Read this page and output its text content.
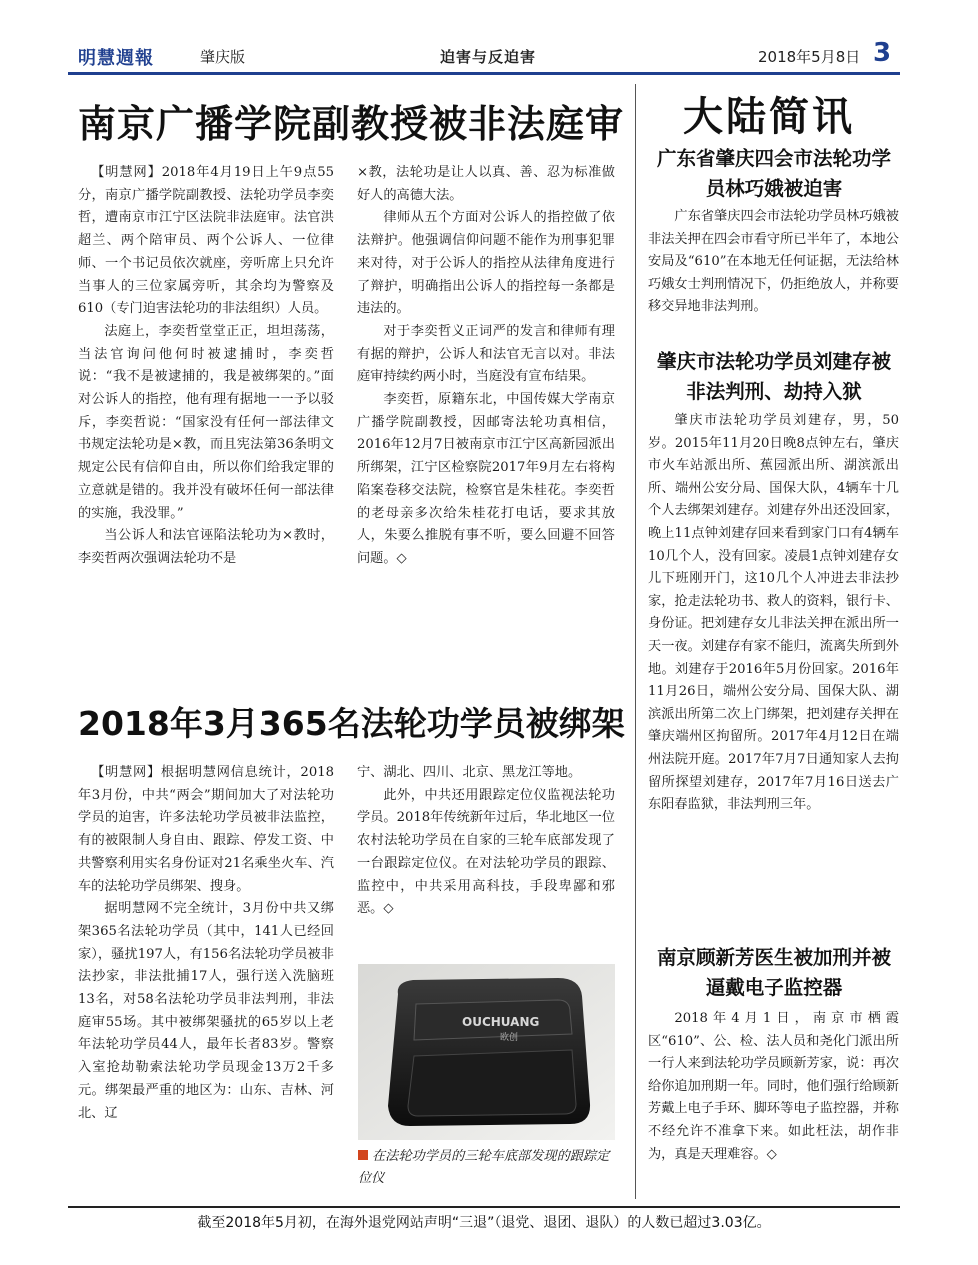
明慧週報	肇庆版	迫害与反迫害	2018年5月8日 3
南京广播学院副教授被非法庭审

【明慧网】2018年4月19日上午9点55分，南京广播学院副教授、法轮功学员李奕哲，遭南京市江宁区法院非法庭审。法官洪超兰、两个陪审员、两个公诉人、一位律师、一个书记员依次就座，旁听席上只允许当事人的三位家属旁听，其余均为警察及610（专门迫害法轮功的非法组织）人员。

法庭上，李奕哲堂堂正正，坦坦荡荡，当法官询问他何时被逮捕时，李奕哲说：“我不是被逮捕的，我是被绑架的。”面对公诉人的指控，他有理有据地一一予以驳斥，李奕哲说：“国家没有任何一部法律文书规定法轮功是×教，而且宪法第36条明文规定公民有信仰自由，所以你们给我定罪的立意就是错的。我并没有破坏任何一部法律的实施，我没罪。”

当公诉人和法官诬陷法轮功为×教时，李奕哲两次强调法轮功不是

×教，法轮功是让人以真、善、忍为标准做好人的高德大法。

律师从五个方面对公诉人的指控做了依法辩护。他强调信仰问题不能作为刑事犯罪来对待，对于公诉人的指控从法律角度进行了辩护，明确指出公诉人的指控每一条都是违法的。

对于李奕哲义正词严的发言和律师有理有据的辩护，公诉人和法官无言以对。非法庭审持续约两小时，当庭没有宣布结果。

李奕哲，原籍东北，中国传媒大学南京广播学院副教授，因邮寄法轮功真相信，2016年12月7日被南京市江宁区高新园派出所绑架，江宁区检察院2017年9月左右将构陷案卷移交法院，检察官是朱桂花。李奕哲的老母亲多次给朱桂花打电话，要求其放人，朱要么推脱有事不听，要么回避不回答问题。◇

2018年3月365名法轮功学员被绑架

【明慧网】根据明慧网信息统计，2018年3月份，中共“两会”期间加大了对法轮功学员的迫害，许多法轮功学员被非法监控，有的被限制人身自由、跟踪、停发工资、中共警察利用实名身份证对21名乘坐火车、汽车的法轮功学员绑架、搜身。

据明慧网不完全统计，3月份中共又绑架365名法轮功学员（其中，141人已经回家），骚扰197人，有156名法轮功学员被非法抄家，非法批捕17人，强行送入洗脑班13名，对58名法轮功学员非法判刑，非法庭审55场。其中被绑架骚扰的65岁以上老年法轮功学员44人，最年长者83岁。警察入室抢劫勒索法轮功学员现金13万2千多元。绑架最严重的地区为：山东、吉林、河北、辽

宁、湖北、四川、北京、黑龙江等地。

此外，中共还用跟踪定位仪监视法轮功学员。2018年传统新年过后，华北地区一位农村法轮功学员在自家的三轮车底部发现了一台跟踪定位仪。在对法轮功学员的跟踪、监控中，中共采用高科技，手段卑鄙和邪恶。◇

OUCHUANG
欧创
在法轮功学员的三轮车底部发现的跟踪定位仪
大陆简讯
广东省肇庆四会市法轮功学员林巧娥被迫害

广东省肇庆四会市法轮功学员林巧娥被非法关押在四会市看守所已半年了，本地公安局及“610”在本地无任何证据，无法给林巧娥女士判刑情况下，仍拒绝放人，并称要移交异地非法判刑。

肇庆市法轮功学员刘建存被非法判刑、劫持入狱

肇庆市法轮功学员刘建存，男，50岁。2015年11月20日晚8点钟左右，肇庆市火车站派出所、蕉园派出所、湖滨派出所、端州公安分局、国保大队，4辆车十几个人去绑架刘建存。刘建存外出还没回家，晚上11点钟刘建存回来看到家门口有4辆车10几个人，没有回家。凌晨1点钟刘建存女儿下班刚开门，这10几个人冲进去非法抄家，抢走法轮功书、救人的资料，银行卡、身份证。把刘建存女儿非法关押在派出所一天一夜。刘建存有家不能归，流离失所到外地。刘建存于2016年5月份回家。2016年11月26日，端州公安分局、国保大队、湖滨派出所第二次上门绑架，把刘建存关押在肇庆端州区拘留所。2017年4月12日在端州法院开庭。2017年7月7日通知家人去拘留所探望刘建存，2017年7月16日送去广东阳春监狱，非法判刑三年。

南京顾新芳医生被加刑并被逼戴电子监控器

2018年4月1日，南京市栖霞区“610”、公、检、法人员和尧化门派出所一行人来到法轮功学员顾新芳家，说：再次给你追加刑期一年。同时，他们强行给顾新芳戴上电子手环、脚环等电子监控器，并称不经允许不准拿下来。如此枉法，胡作非为，真是天理难容。◇

截至2018年5月初，在海外退党网站声明“三退”（退党、退团、退队）的人数已超过3.03亿。
